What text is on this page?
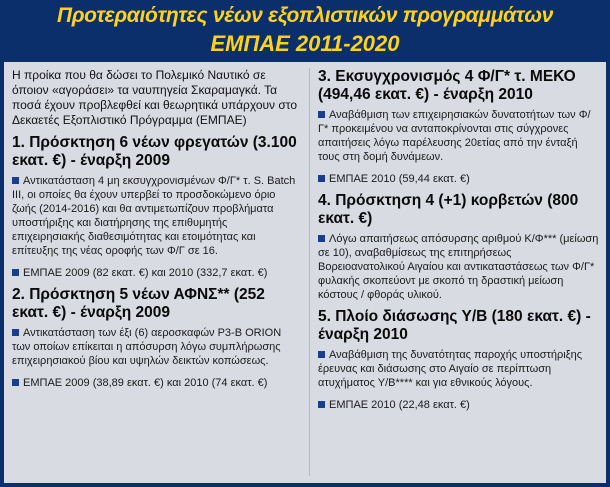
Προτεραιότητες νέων εξοπλιστικών προγραμμάτων
ΕΜΠΑΕ 2011-2020
Η προίκα που θα δώσει το Πολεμικό Ναυτικό σε όποιον «αγοράσει» τα ναυπηγεία Σκαραμαγκά. Τα ποσά έχουν προβλεφθεί και θεωρητικά υπάρχουν στο Δεκαετές Εξοπλιστικό Πρόγραμμα (ΕΜΠΑΕ)
1. Πρόσκτηση 6 νέων φρεγατών (3.100 εκατ. €) - έναρξη 2009
Αντικατάσταση 4 μη εκσυγχρονισμένων Φ/Γ* τ. S. Batch III, οι οποίες θα έχουν υπερβεί το προσδοκώμενο όριο ζωής (2014-2016) και θα αντιμετωπίζουν προβλήματα υποστήριξης και διατήρησης της επιθυμητής επιχειρησιακής διαθεσιμότητας και ετοιμότητας και επίτευξης της νέας οροφής των Φ/Γ σε 16.
ΕΜΠΑΕ 2009 (82 εκατ. €) και 2010 (332,7 εκατ. €)
2. Πρόσκτηση 5 νέων ΑΦΝΣ** (252 εκατ. €) - έναρξη 2009
Αντικατάσταση των έξι (6) αεροσκαφών P3-B ORION των οποίων επίκειται η απόσυρση λόγω συμπλήρωσης επιχειρησιακού βίου και υψηλών δεικτών κοπώσεως.
ΕΜΠΑΕ 2009 (38,89 εκατ. €) και 2010 (74 εκατ. €)
3. Εκσυγχρονισμός 4 Φ/Γ* τ. ΜΕΚΟ (494,46 εκατ. €) - έναρξη 2010
Αναβάθμιση των επιχειρησιακών δυνατοτήτων των Φ/Γ* προκειμένου να ανταποκρίνονται στις σύγχρονες απαιτήσεις λόγω παρέλευσης 20ετίας από την ένταξή τους στη δομή δυνάμεων.
ΕΜΠΑΕ 2010 (59,44 εκατ. €)
4. Πρόσκτηση 4 (+1) κορβετών (800 εκατ. €)
Λόγω απαιτήσεως απόσυρσης αριθμού Κ/Φ*** (μείωση σε 10), αναβαθμίσεως της επιτηρήσεως Βορειοανατολικού Αιγαίου και αντικαταστάσεως των Φ/Γ* φυλακής σκοπεύοντ με σκοπό τη δραστική μείωση κόστους / φθοράς υλικού.
5. Πλοίο διάσωσης Υ/Β (180 εκατ. €) - έναρξη 2010
Αναβάθμιση της δυνατότητας παροχής υποστήριξης έρευνας και διάσωσης στο Αιγαίο σε περίπτωση ατυχήματος Υ/Β**** και για εθνικούς λόγους.
ΕΜΠΑΕ 2010 (22,48 εκατ. €)
